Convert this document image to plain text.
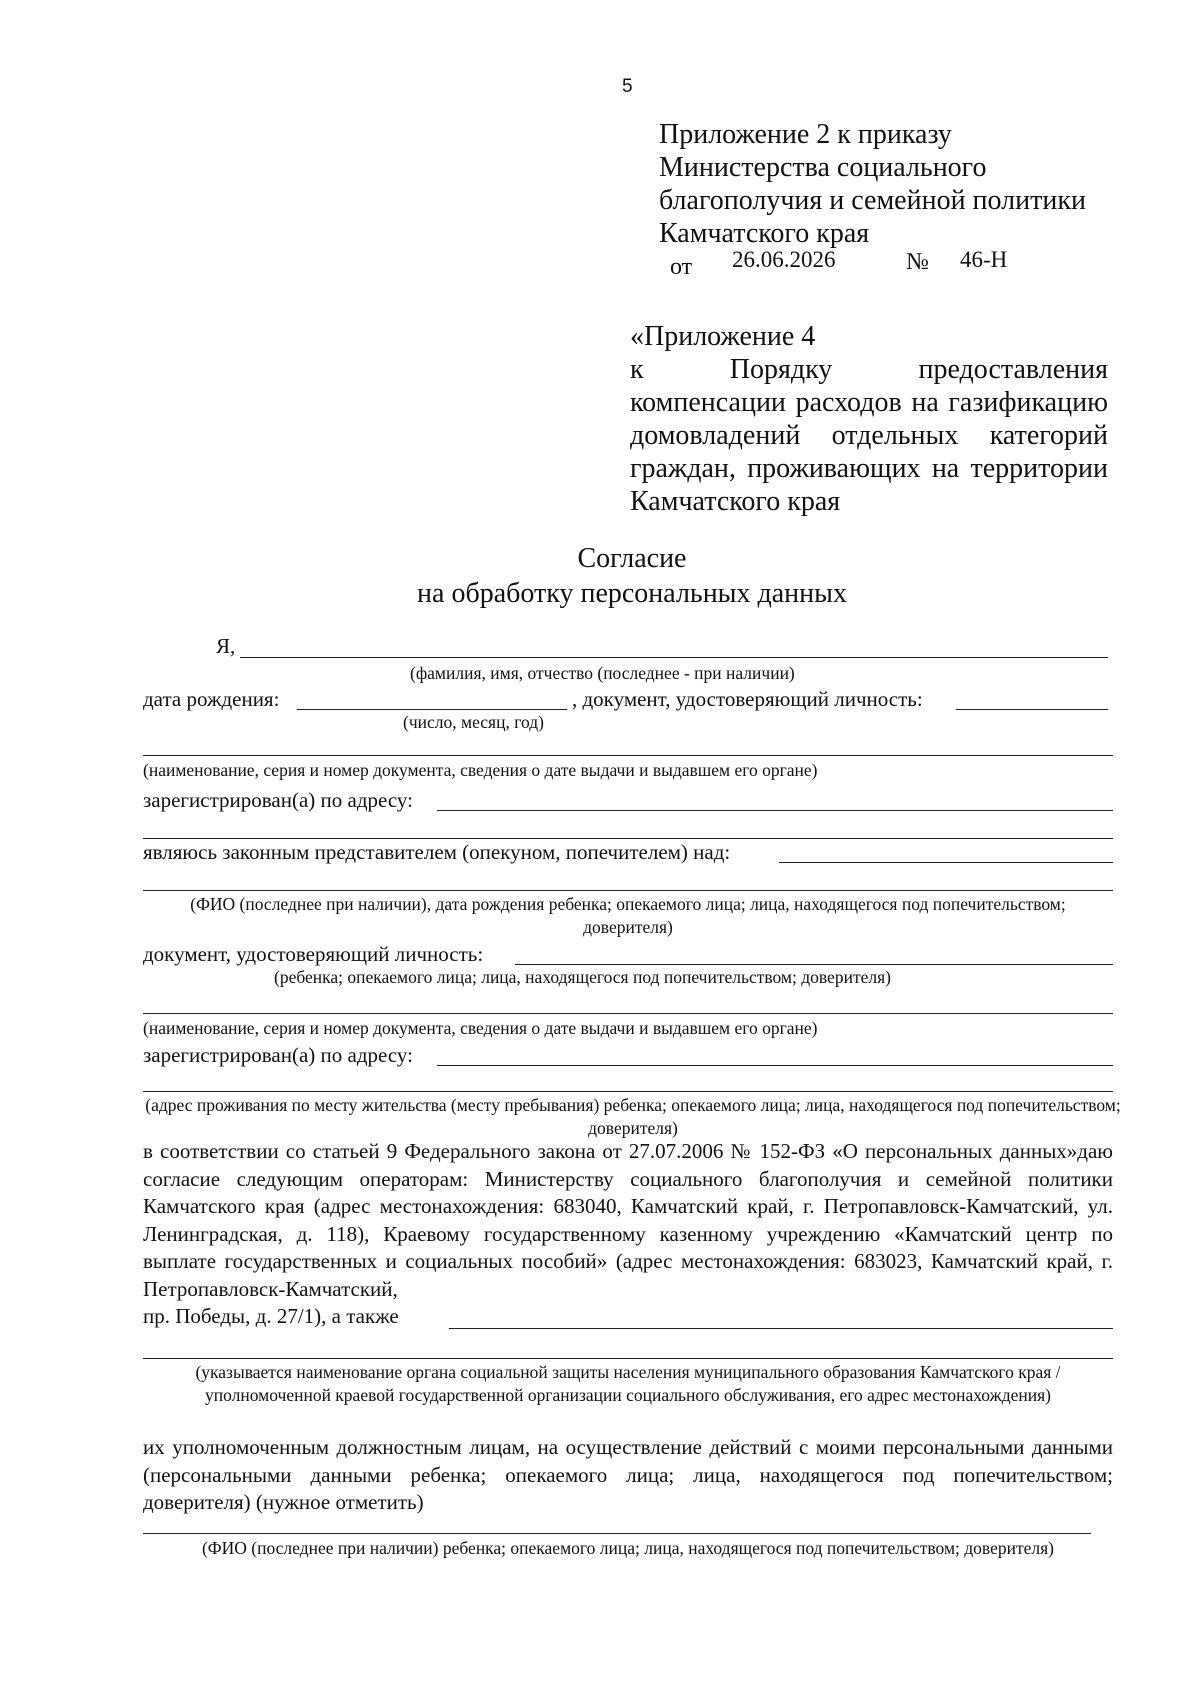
5
Приложение 2 к приказу
Министерства социального
благополучия и семейной политики
Камчатского края
от 26.06.2026	№ 46-Н
«Приложение 4
к	Порядку	предоставления
компенсации расходов на газификацию
домовладений отдельных категорий
граждан, проживающих на территории
Камчатского края
Согласие
на обработку персональных данных
Я,
(фамилия, имя, отчество (последнее - при наличии)
дата рождения:	, документ, удостоверяющий личность:
(число, месяц, год)
(наименование, серия и номер документа, сведения о дате выдачи и выдавшем его органе)
зарегистрирован(а) по адресу:
являюсь законным представителем (опекуном, попечителем) над:
(ФИО (последнее при наличии), дата рождения ребенка; опекаемого лица; лица, находящегося под попечительством; доверителя)
документ, удостоверяющий личность:
(ребенка; опекаемого лица; лица, находящегося под попечительством; доверителя)
(наименование, серия и номер документа, сведения о дате выдачи и выдавшем его органе)
зарегистрирован(а) по адресу:
(адрес проживания по месту жительства (месту пребывания) ребенка; опекаемого лица; лица, находящегося под попечительством; доверителя)
в соответствии со статьей 9 Федерального закона от 27.07.2006 № 152-ФЗ «О персональных данных»даю согласие следующим операторам: Министерству социального благополучия и семейной политики Камчатского края (адрес местонахождения: 683040, Камчатский край, г. Петропавловск-Камчатский, ул. Ленинградская, д. 118), Краевому государственному казенному учреждению «Камчатский центр по выплате государственных и социальных пособий» (адрес местонахождения: 683023, Камчатский край, г. Петропавловск-Камчатский,
пр. Победы, д. 27/1), а также
(указывается наименование органа социальной защиты населения муниципального образования Камчатского края /уполномоченной краевой государственной организации социального обслуживания, его адрес местонахождения)
их уполномоченным должностным лицам, на осуществление действий с моими персональными данными (персональными данными ребенка; опекаемого лица; лица, находящегося под попечительством; доверителя) (нужное отметить)
(ФИО (последнее при наличии) ребенка; опекаемого лица; лица, находящегося под попечительством; доверителя)
